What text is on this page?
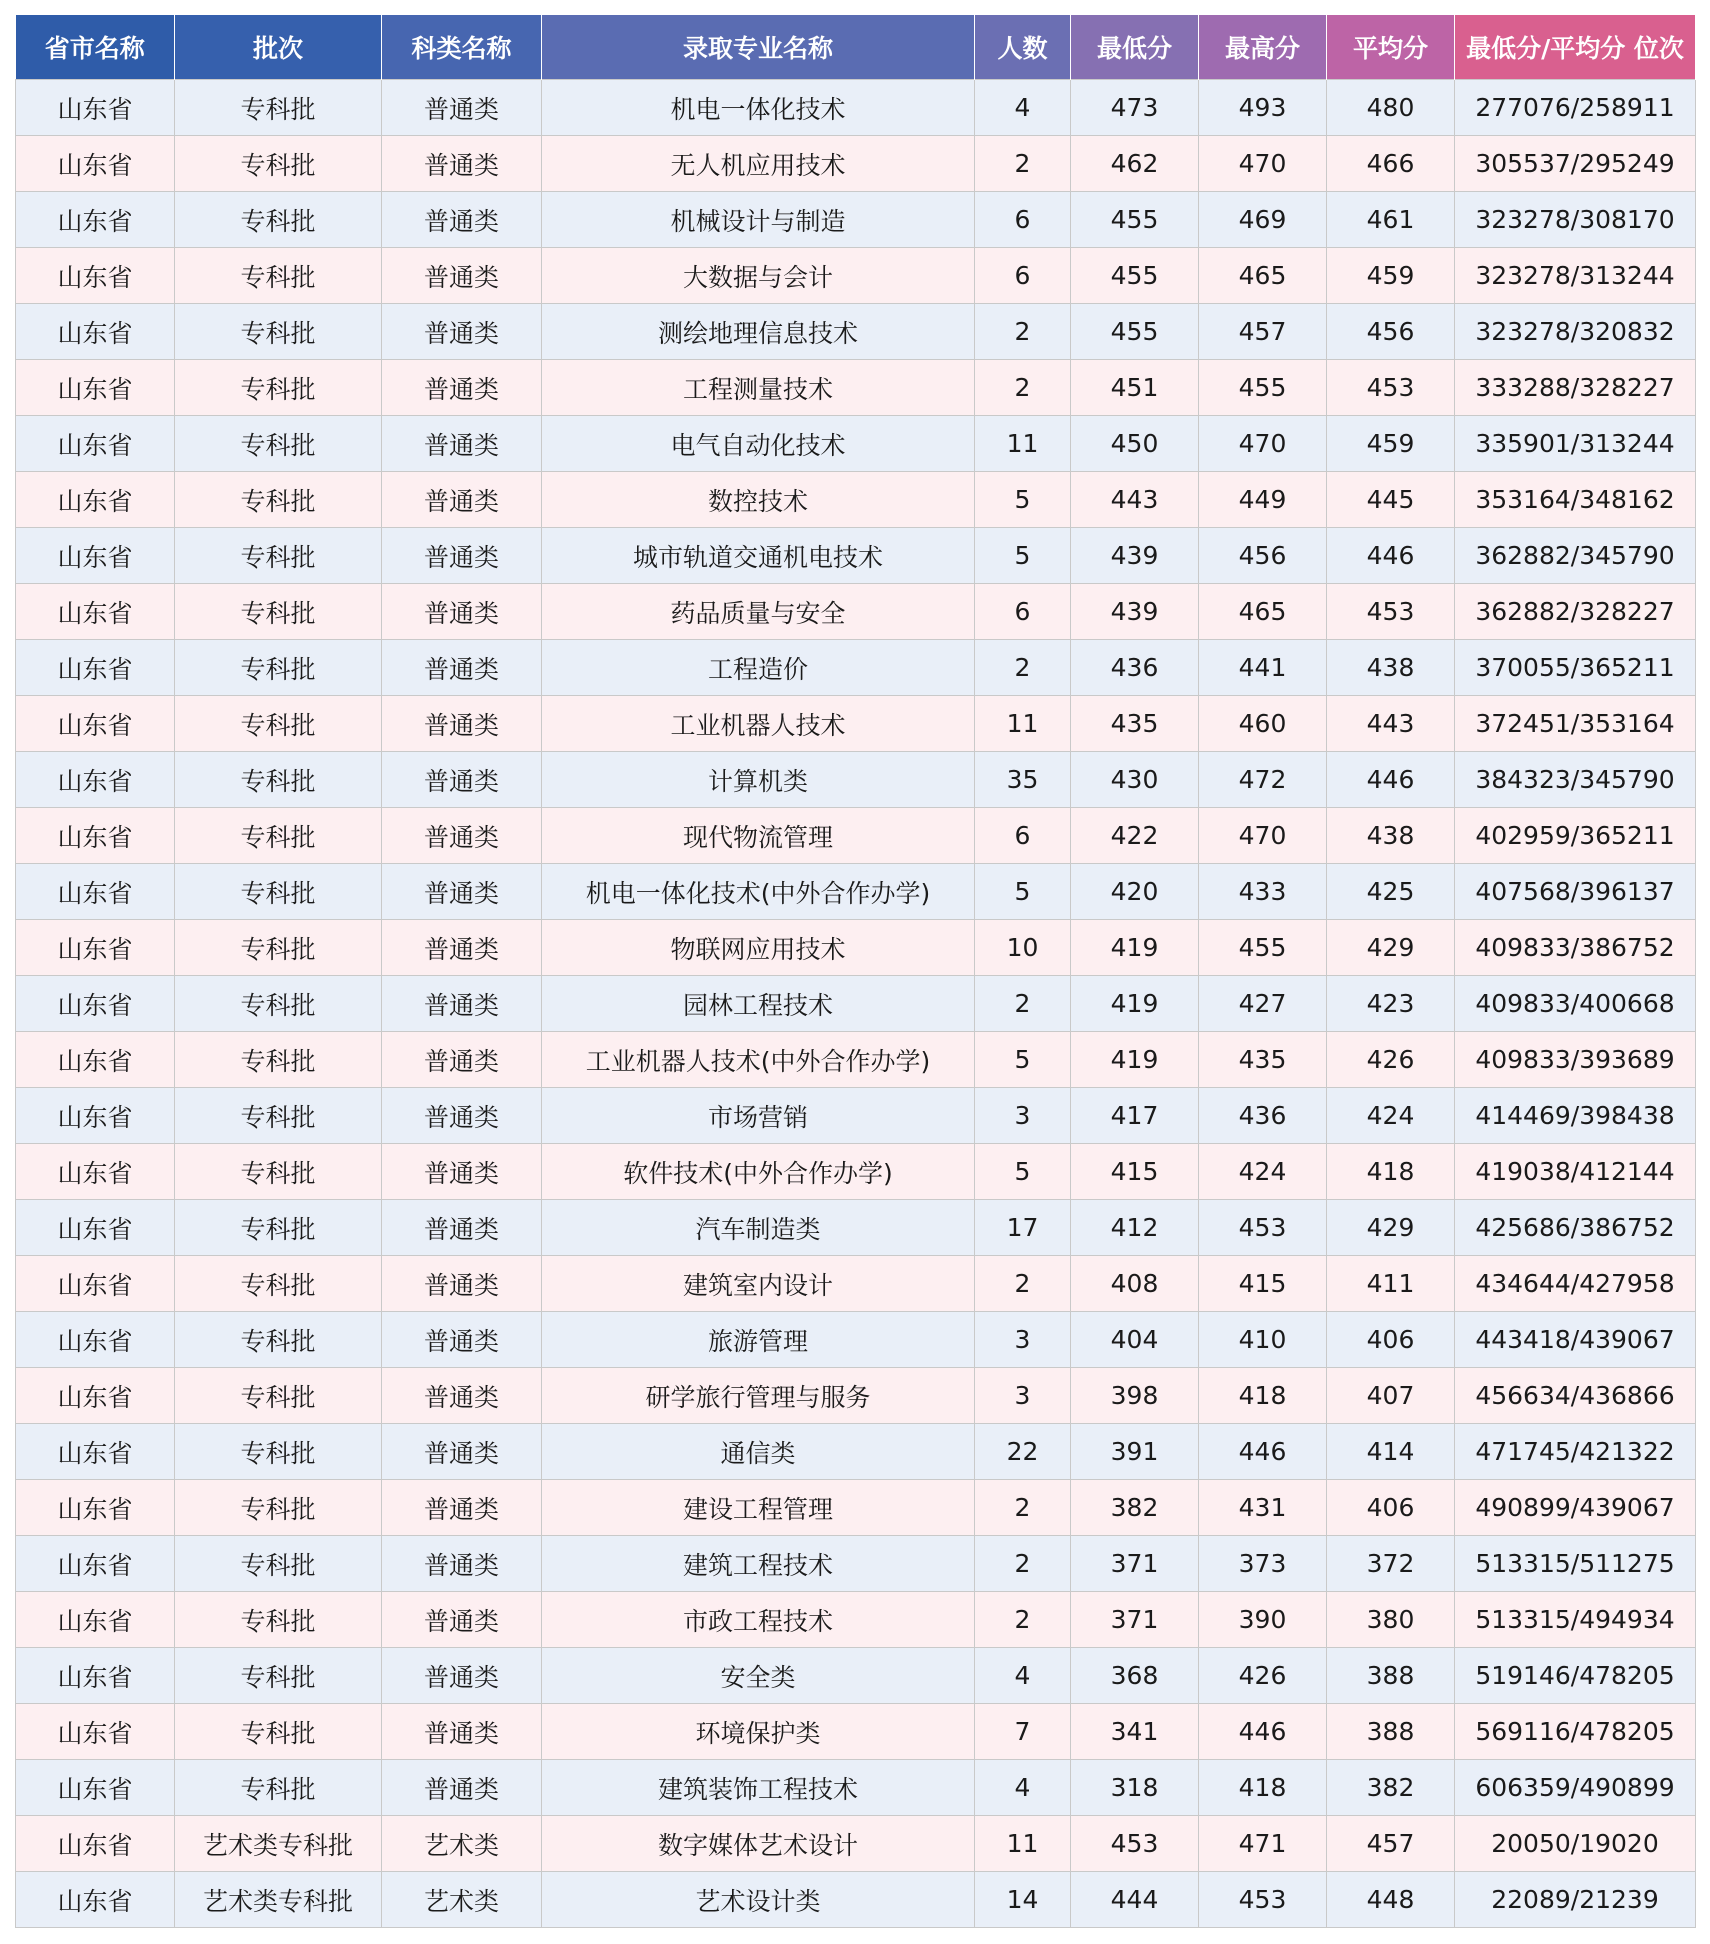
省市名称	批次	科类名称	录取专业名称	人数	最低分	最高分	平均分	最低分/平均分 位次
山东省	专科批	普通类	机电一体化技术	4	473	493	480	277076/258911
山东省	专科批	普通类	无人机应用技术	2	462	470	466	305537/295249
山东省	专科批	普通类	机械设计与制造	6	455	469	461	323278/308170
山东省	专科批	普通类	大数据与会计	6	455	465	459	323278/313244
山东省	专科批	普通类	测绘地理信息技术	2	455	457	456	323278/320832
山东省	专科批	普通类	工程测量技术	2	451	455	453	333288/328227
山东省	专科批	普通类	电气自动化技术	11	450	470	459	335901/313244
山东省	专科批	普通类	数控技术	5	443	449	445	353164/348162
山东省	专科批	普通类	城市轨道交通机电技术	5	439	456	446	362882/345790
山东省	专科批	普通类	药品质量与安全	6	439	465	453	362882/328227
山东省	专科批	普通类	工程造价	2	436	441	438	370055/365211
山东省	专科批	普通类	工业机器人技术	11	435	460	443	372451/353164
山东省	专科批	普通类	计算机类	35	430	472	446	384323/345790
山东省	专科批	普通类	现代物流管理	6	422	470	438	402959/365211
山东省	专科批	普通类	机电一体化技术(中外合作办学)	5	420	433	425	407568/396137
山东省	专科批	普通类	物联网应用技术	10	419	455	429	409833/386752
山东省	专科批	普通类	园林工程技术	2	419	427	423	409833/400668
山东省	专科批	普通类	工业机器人技术(中外合作办学)	5	419	435	426	409833/393689
山东省	专科批	普通类	市场营销	3	417	436	424	414469/398438
山东省	专科批	普通类	软件技术(中外合作办学)	5	415	424	418	419038/412144
山东省	专科批	普通类	汽车制造类	17	412	453	429	425686/386752
山东省	专科批	普通类	建筑室内设计	2	408	415	411	434644/427958
山东省	专科批	普通类	旅游管理	3	404	410	406	443418/439067
山东省	专科批	普通类	研学旅行管理与服务	3	398	418	407	456634/436866
山东省	专科批	普通类	通信类	22	391	446	414	471745/421322
山东省	专科批	普通类	建设工程管理	2	382	431	406	490899/439067
山东省	专科批	普通类	建筑工程技术	2	371	373	372	513315/511275
山东省	专科批	普通类	市政工程技术	2	371	390	380	513315/494934
山东省	专科批	普通类	安全类	4	368	426	388	519146/478205
山东省	专科批	普通类	环境保护类	7	341	446	388	569116/478205
山东省	专科批	普通类	建筑装饰工程技术	4	318	418	382	606359/490899
山东省	艺术类专科批	艺术类	数字媒体艺术设计	11	453	471	457	20050/19020
山东省	艺术类专科批	艺术类	艺术设计类	14	444	453	448	22089/21239
